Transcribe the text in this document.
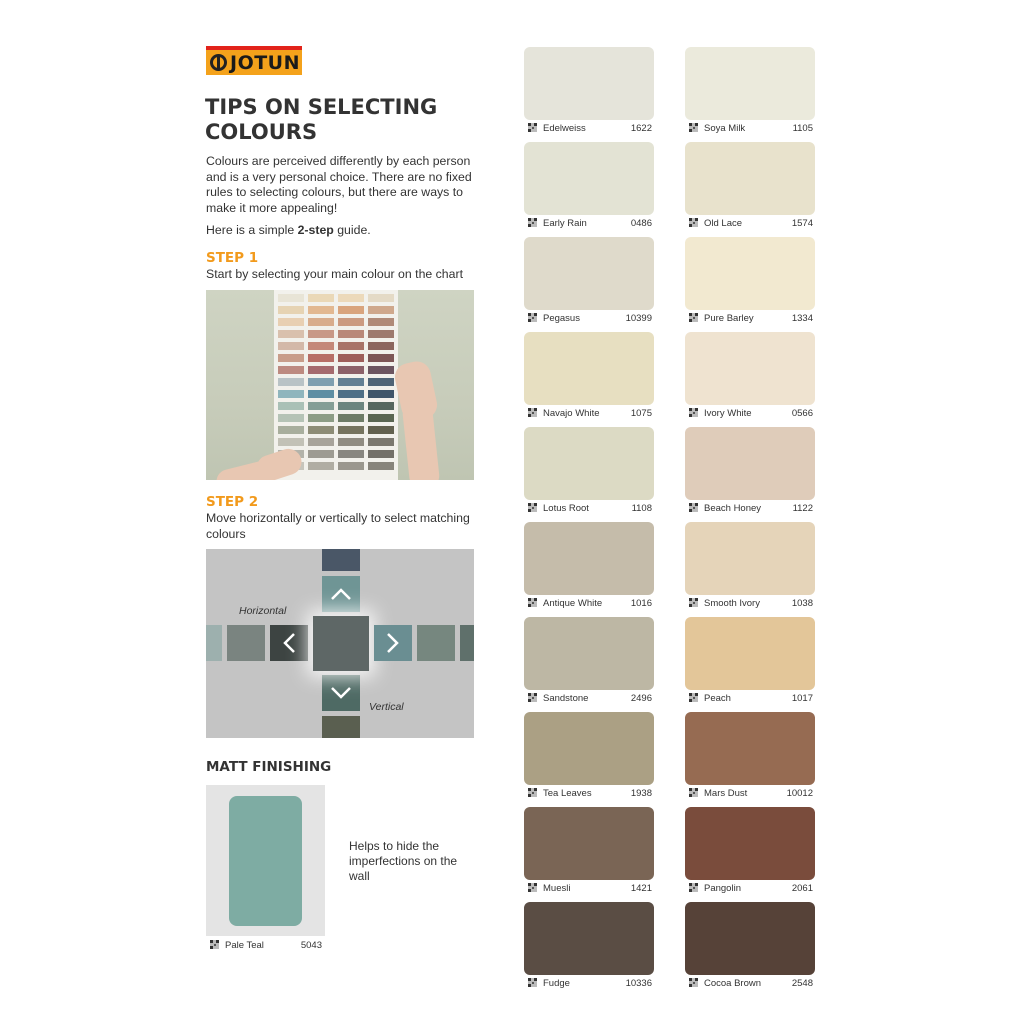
JOTUN
TIPS ON SELECTING COLOURS
Colours are perceived differently by each person and is a very personal choice. There are no fixed rules to selecting colours, but there are ways to make it more appealing!
Here is a simple 2-step guide.
STEP 1
Start by selecting your main colour on the chart
STEP 2
Move horizontally or vertically to select matching colours
Horizontal
Vertical
MATT FINISHING
Pale Teal	5043
Helps to hide the imperfections on the wall
Edelweiss	1622
Early Rain	0486
Pegasus	10399
Navajo White	1075
Lotus Root	1108
Antique White	1016
Sandstone	2496
Tea Leaves	1938
Muesli	1421
Fudge	10336
Soya Milk	1105
Old Lace	1574
Pure Barley	1334
Ivory White	0566
Beach Honey	1122
Smooth Ivory	1038
Peach	1017
Mars Dust	10012
Pangolin	2061
Cocoa Brown	2548
